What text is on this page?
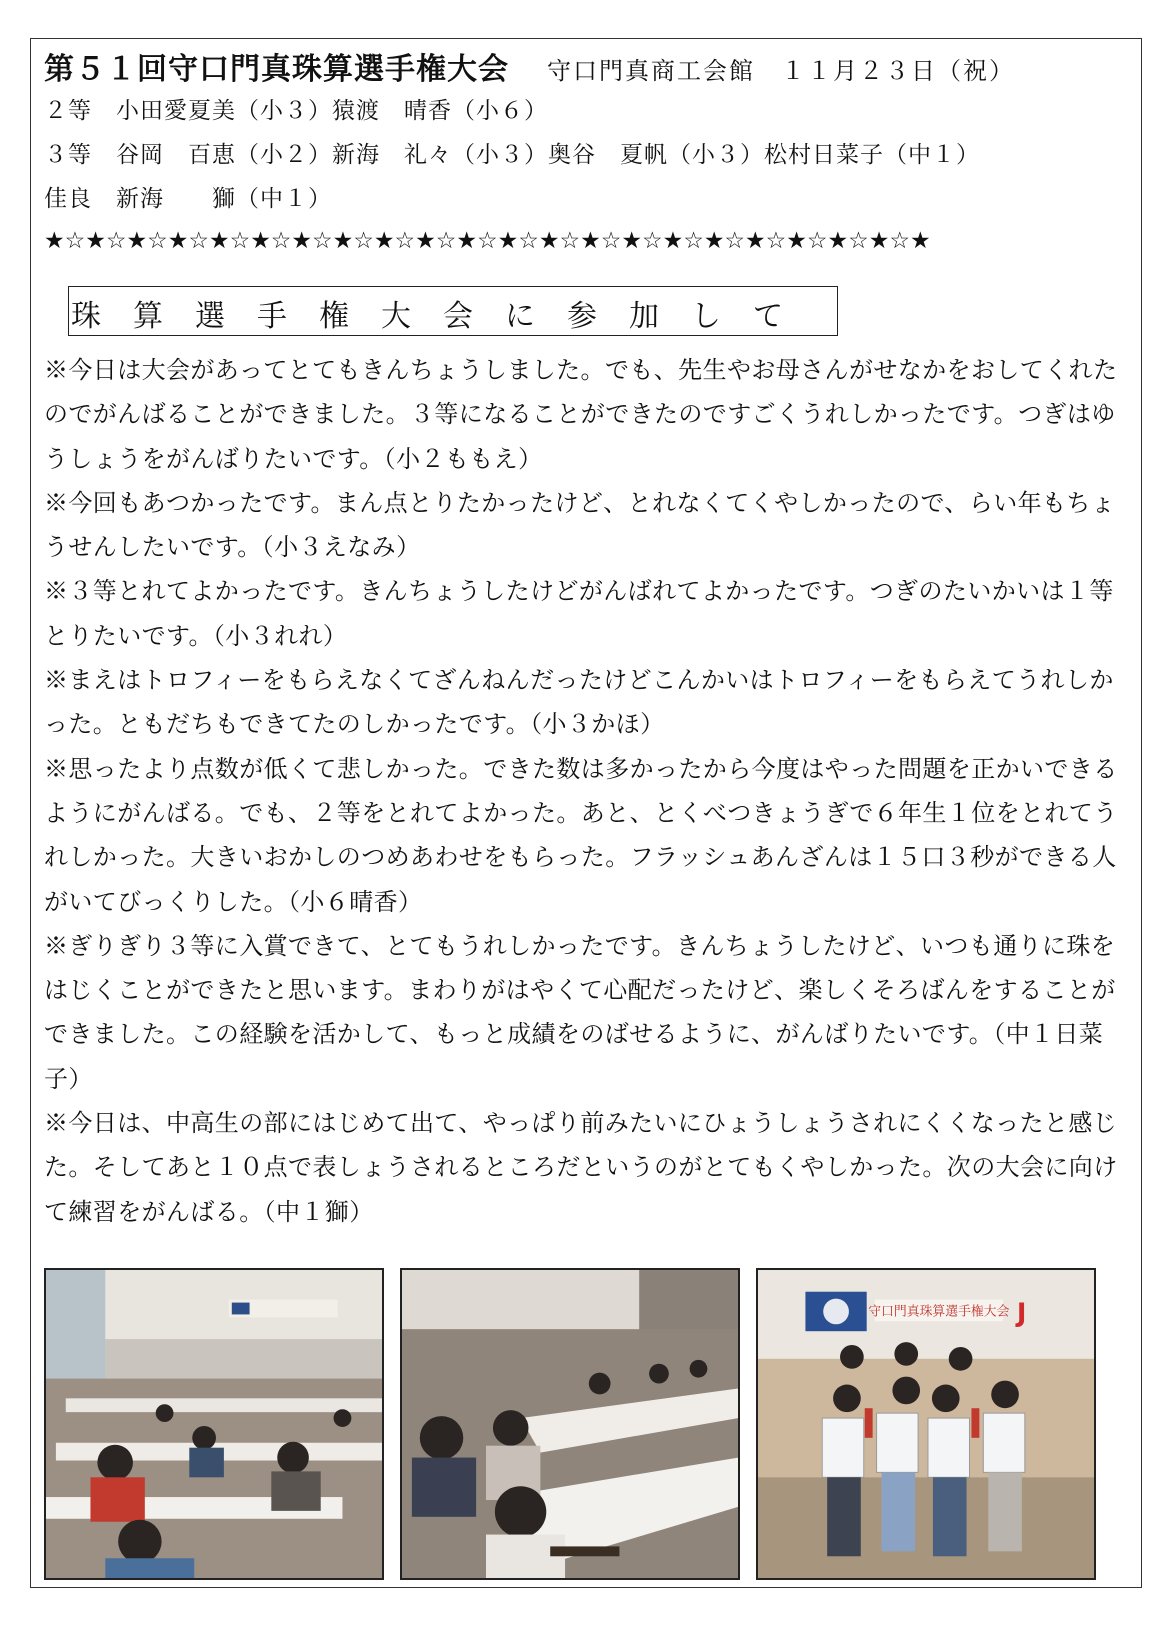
第５１回守口門真珠算選手権大会 守口門真商工会館　１１月２３日（祝）
２等　小田愛夏美（小３）猿渡　晴香（小６）
３等　谷岡　百恵（小２）新海　礼々（小３）奥谷　夏帆（小３）松村日菜子（中１）
佳良　新海　　獅（中１）
★☆★☆★☆★☆★☆★☆★☆★☆★☆★☆★☆★☆★☆★☆★☆★☆★☆★☆★☆★☆★☆★
珠算選手権大会に参加して

※今日は大会があってとてもきんちょうしました。でも、先生やお母さんがせなかをおしてくれたのでがんばることができました。３等になることができたのですごくうれしかったです。つぎはゆうしょうをがんばりたいです。（小２ももえ）

※今回もあつかったです。まん点とりたかったけど、とれなくてくやしかったので、らい年もちょうせんしたいです。（小３えなみ）

※３等とれてよかったです。きんちょうしたけどがんばれてよかったです。つぎのたいかいは１等とりたいです。（小３れれ）

※まえはトロフィーをもらえなくてざんねんだったけどこんかいはトロフィーをもらえてうれしかった。ともだちもできてたのしかったです。（小３かほ）

※思ったより点数が低くて悲しかった。できた数は多かったから今度はやった問題を正かいできるようにがんばる。でも、２等をとれてよかった。あと、とくべつきょうぎで６年生１位をとれてうれしかった。大きいおかしのつめあわせをもらった。フラッシュあんざんは１５口３秒ができる人がいてびっくりした。（小６晴香）

※ぎりぎり３等に入賞できて、とてもうれしかったです。きんちょうしたけど、いつも通りに珠をはじくことができたと思います。まわりがはやくて心配だったけど、楽しくそろばんをすることができました。この経験を活かして、もっと成績をのばせるように、がんばりたいです。（中１日菜子）

※今日は、中高生の部にはじめて出て、やっぱり前みたいにひょうしょうされにくくなったと感じた。そしてあと１０点で表しょうされるところだというのがとてもくやしかった。次の大会に向けて練習をがんばる。（中１獅）

守口門真珠算選手権大会 J
